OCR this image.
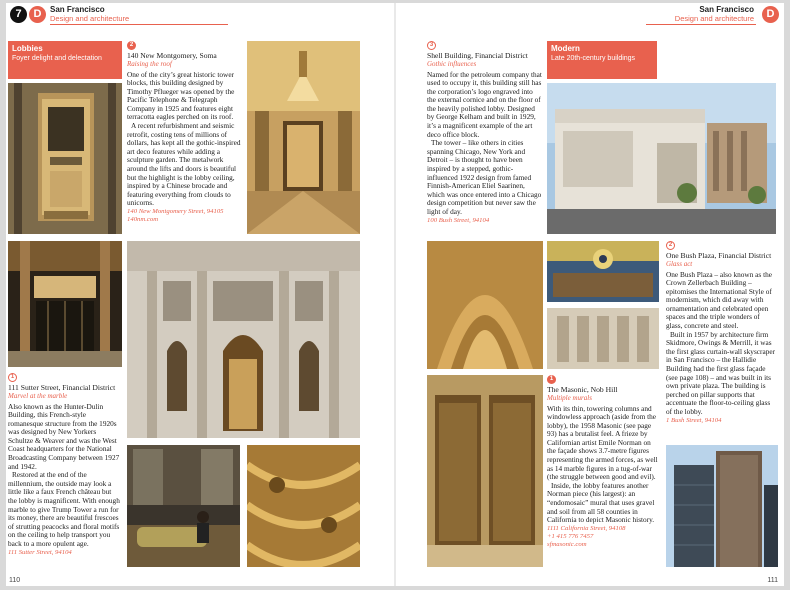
7	D	San Francisco
Design and architecture
San Francisco
Design and architecture	D
Lobbies
Foyer delight and delectation
1
111 Sutter Street, Financial District
Marvel at the marble

Also known as the Hunter-Dulin Building, this French-style romanesque structure from the 1920s was designed by New Yorkers Schultze & Weaver and was the West Coast headquarters for the National Broadcasting Company between 1927 and 1942.

Restored at the end of the millennium, the outside may look a little like a faux French château but the lobby is magnificent. With enough marble to give Trump Tower a run for its money, there are beautiful frescoes of strutting peacocks and floral motifs on the ceiling to help transport you back to a more opulent age.

111 Sutter Street, 94104
2
140 New Montgomery, Soma
Raising the roof

One of the city’s great historic tower blocks, this building designed by Timothy Pflueger was opened by the Pacific Telephone & Telegraph Company in 1925 and features eight terracotta eagles perched on its roof.

A recent refurbishment and seismic retrofit, costing tens of millions of dollars, has kept all the gothic-inspired art deco features while adding a sculpture garden. The metalwork around the lifts and doors is beautiful but the highlight is the lobby ceiling, inspired by a Chinese brocade and featuring everything from clouds to unicorns.

140 New Montgomery Street, 94105
140nm.com
110
3
Shell Building, Financial District
Gothic influences

Named for the petroleum company that used to occupy it, this building still has the corporation’s logo engraved into the external cornice and on the floor of the heavily polished lobby. Designed by George Kelham and built in 1929, it’s a magnificent example of the art deco office block.

The tower – like others in cities spanning Chicago, New York and Detroit – is thought to have been inspired by a stepped, gothic-influenced 1922 design from famed Finnish-American Eliel Saarinen, which was once entered into a Chicago design competition but never saw the light of day.

100 Bush Street, 94104
Modern
Late 20th-century buildings
1
The Masonic, Nob Hill
Multiple murals

With its thin, towering columns and windowless approach (aside from the lobby), the 1958 Masonic (see page 93) has a brutalist feel. A frieze by Californian artist Emile Norman on the façade shows 3.7-metre figures representing the armed forces, as well as 14 marble figures in a tug-of-war (the struggle between good and evil).

Inside, the lobby features another Norman piece (his largest): an “endomosaic” mural that uses gravel and soil from all 58 counties in California to depict Masonic history.

1111 California Street, 94108
+1 415 776 7457
sfmasonic.com
2
One Bush Plaza, Financial District
Glass act

One Bush Plaza – also known as the Crown Zellerbach Building – epitomises the International Style of modernism, which did away with ornamentation and celebrated open spaces and the triple wonders of glass, concrete and steel.

Built in 1957 by architecture firm Skidmore, Owings & Merrill, it was the first glass curtain-wall skyscraper in San Francisco – the Hallidie Building had the first glass façade (see page 108) – and was built in its own private plaza. The building is perched on pillar supports that accentuate the floor-to-ceiling glass of the lobby.

1 Bush Street, 94104
111
